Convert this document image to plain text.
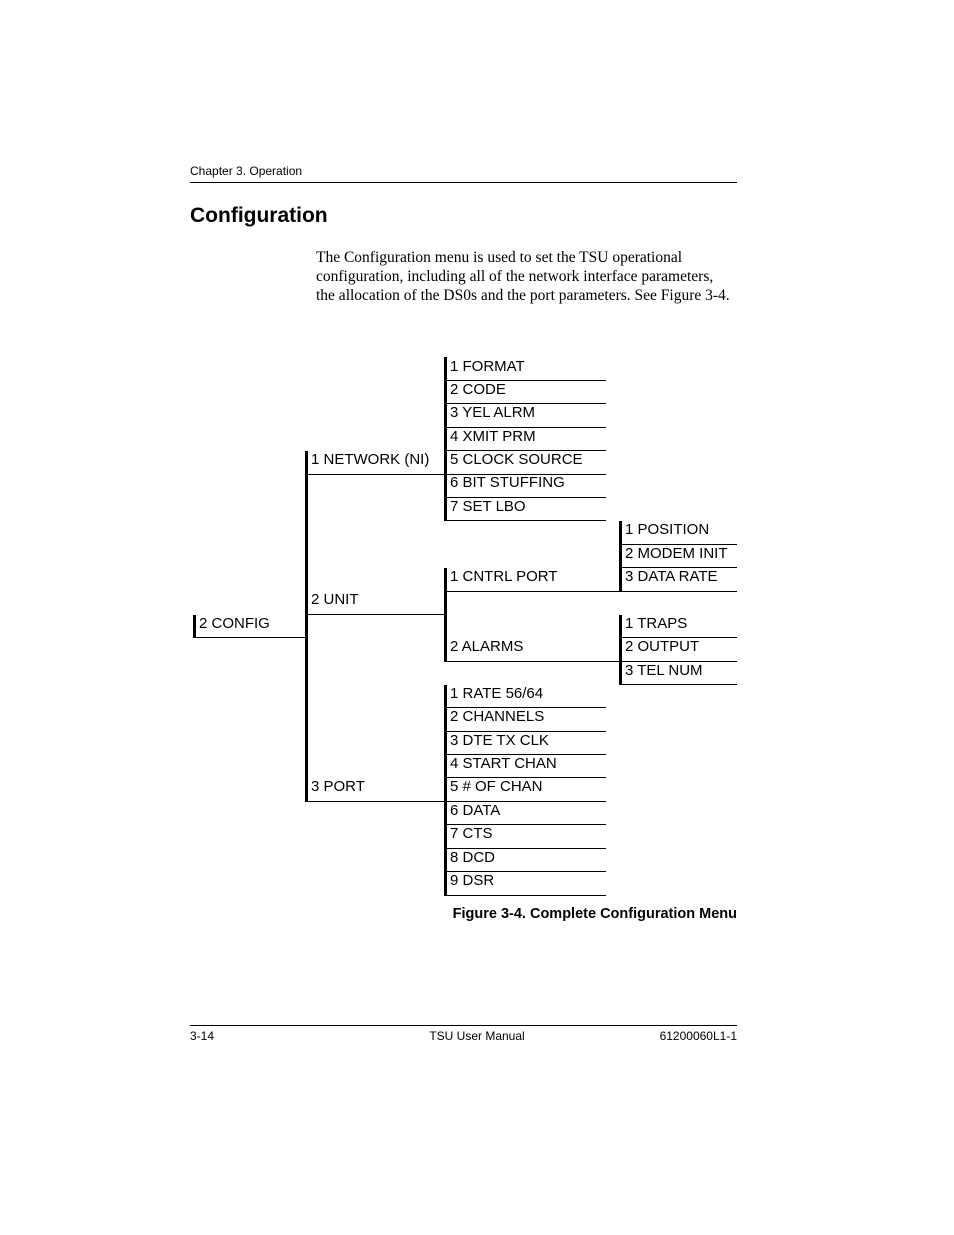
Chapter 3. Operation
Configuration
The Configuration menu is used to set the TSU operational configuration, including all of the network interface parameters, the allocation of the DS0s and the port parameters. See Figure 3-4.
2 CONFIG
1 NETWORK (NI)
2 UNIT
3 PORT
1 FORMAT
2 CODE
3 YEL ALRM
4 XMIT PRM
5 CLOCK SOURCE
6 BIT STUFFING
7 SET LBO
1 CNTRL PORT
2 ALARMS
1 POSITION
2 MODEM INIT
3 DATA RATE
1 TRAPS
2 OUTPUT
3 TEL NUM
1 RATE 56/64
2 CHANNELS
3 DTE TX CLK
4 START CHAN
5 # OF CHAN
6 DATA
7 CTS
8 DCD
9 DSR
Figure 3-4. Complete Configuration Menu
3-14	TSU User Manual	61200060L1-1
